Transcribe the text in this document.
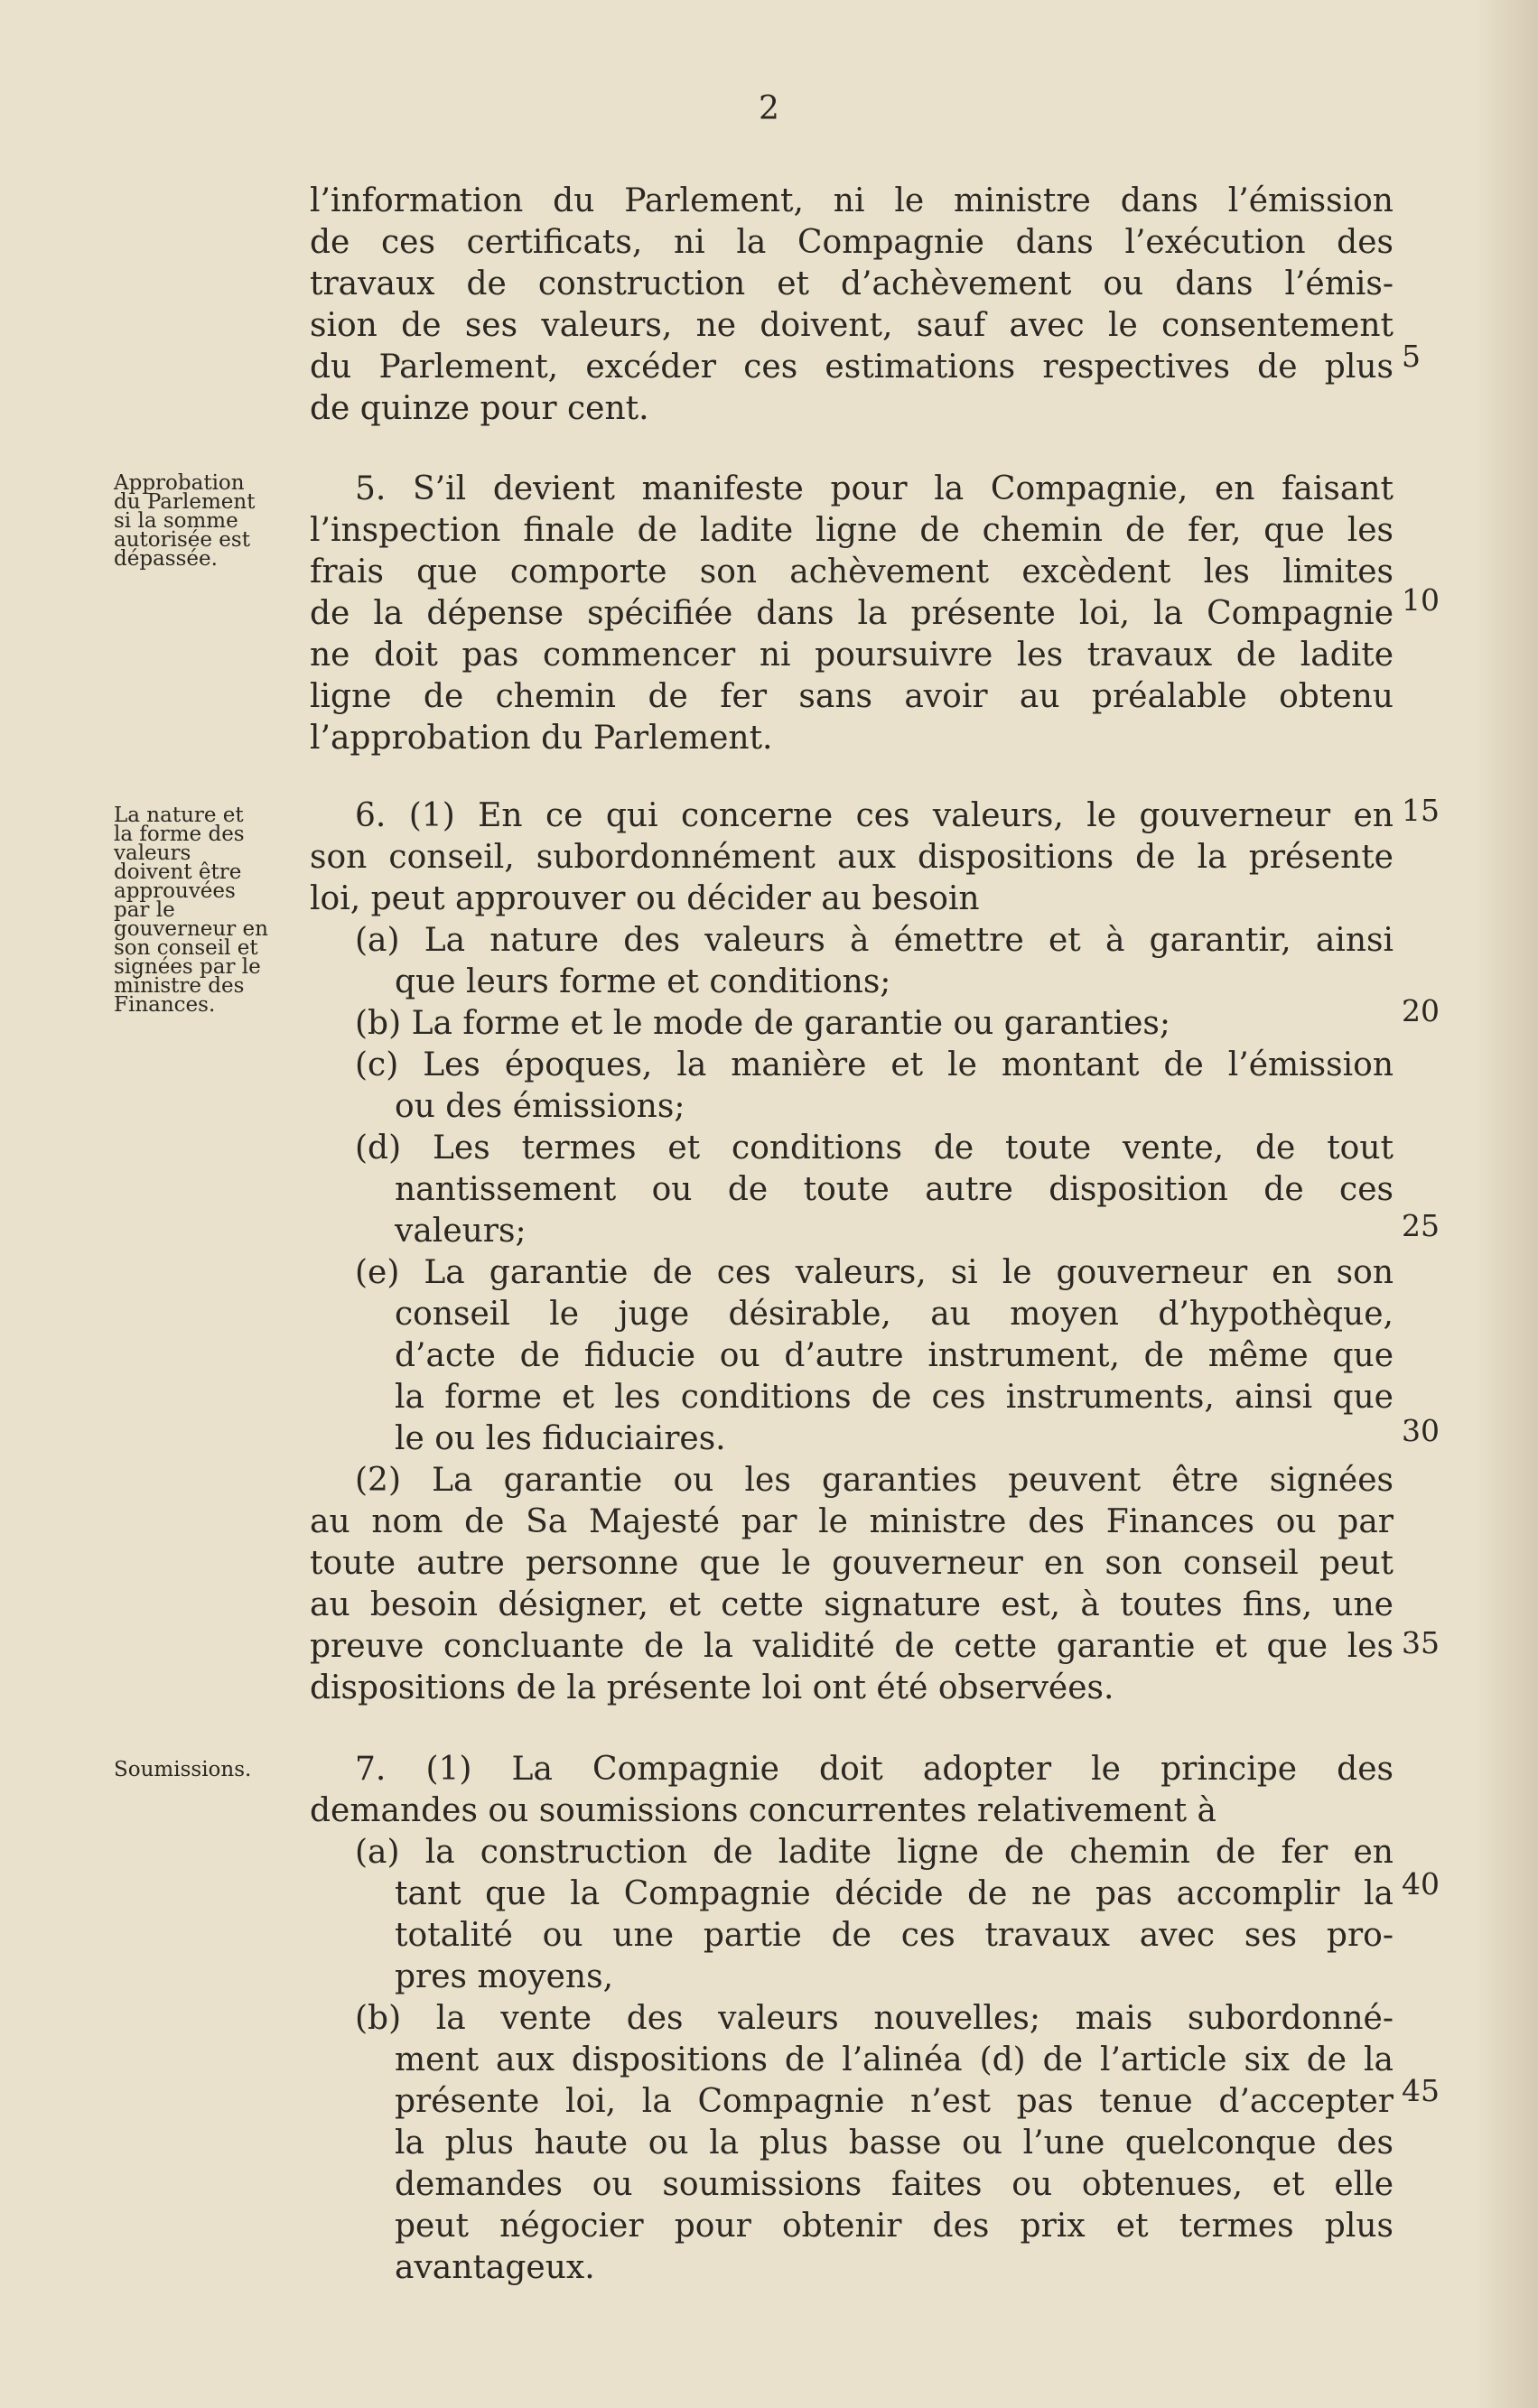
2
l’information du Parlement, ni le ministre dans l’émission
de ces certificats, ni la Compagnie dans l’exécution des
travaux de construction et d’achèvement ou dans l’émis-
sion de ses valeurs, ne doivent, sauf avec le consentement
du Parlement, excéder ces estimations respectives de plus
de quinze pour cent.
5. S’il devient manifeste pour la Compagnie, en faisant
l’inspection finale de ladite ligne de chemin de fer, que les
frais que comporte son achèvement excèdent les limites
de la dépense spécifiée dans la présente loi, la Compagnie
ne doit pas commencer ni poursuivre les travaux de ladite
ligne de chemin de fer sans avoir au préalable obtenu
l’approbation du Parlement.
6. (1) En ce qui concerne ces valeurs, le gouverneur en
son conseil, subordonnément aux dispositions de la présente
loi, peut approuver ou décider au besoin
(a) La nature des valeurs à émettre et à garantir, ainsi
que leurs forme et conditions;
(b) La forme et le mode de garantie ou garanties;
(c) Les époques, la manière et le montant de l’émission
ou des émissions;
(d) Les termes et conditions de toute vente, de tout
nantissement ou de toute autre disposition de ces
valeurs;
(e) La garantie de ces valeurs, si le gouverneur en son
conseil le juge désirable, au moyen d’hypothèque,
d’acte de fiducie ou d’autre instrument, de même que
la forme et les conditions de ces instruments, ainsi que
le ou les fiduciaires.
(2) La garantie ou les garanties peuvent être signées
au nom de Sa Majesté par le ministre des Finances ou par
toute autre personne que le gouverneur en son conseil peut
au besoin désigner, et cette signature est, à toutes fins, une
preuve concluante de la validité de cette garantie et que les
dispositions de la présente loi ont été observées.
7. (1) La Compagnie doit adopter le principe des
demandes ou soumissions concurrentes relativement à
(a) la construction de ladite ligne de chemin de fer en
tant que la Compagnie décide de ne pas accomplir la
totalité ou une partie de ces travaux avec ses pro-
pres moyens,
(b) la vente des valeurs nouvelles; mais subordonné-
ment aux dispositions de l’alinéa (d) de l’article six de la
présente loi, la Compagnie n’est pas tenue d’accepter
la plus haute ou la plus basse ou l’une quelconque des
demandes ou soumissions faites ou obtenues, et elle
peut négocier pour obtenir des prix et termes plus
avantageux.
Approbation
du Parlement
si la somme
autorisée est
dépassée.
La nature et
la forme des
valeurs
doivent être
approuvées
par le
gouverneur en
son conseil et
signées par le
ministre des
Finances.
Soumissions.
5
10
15
20
25
30
35
40
45
